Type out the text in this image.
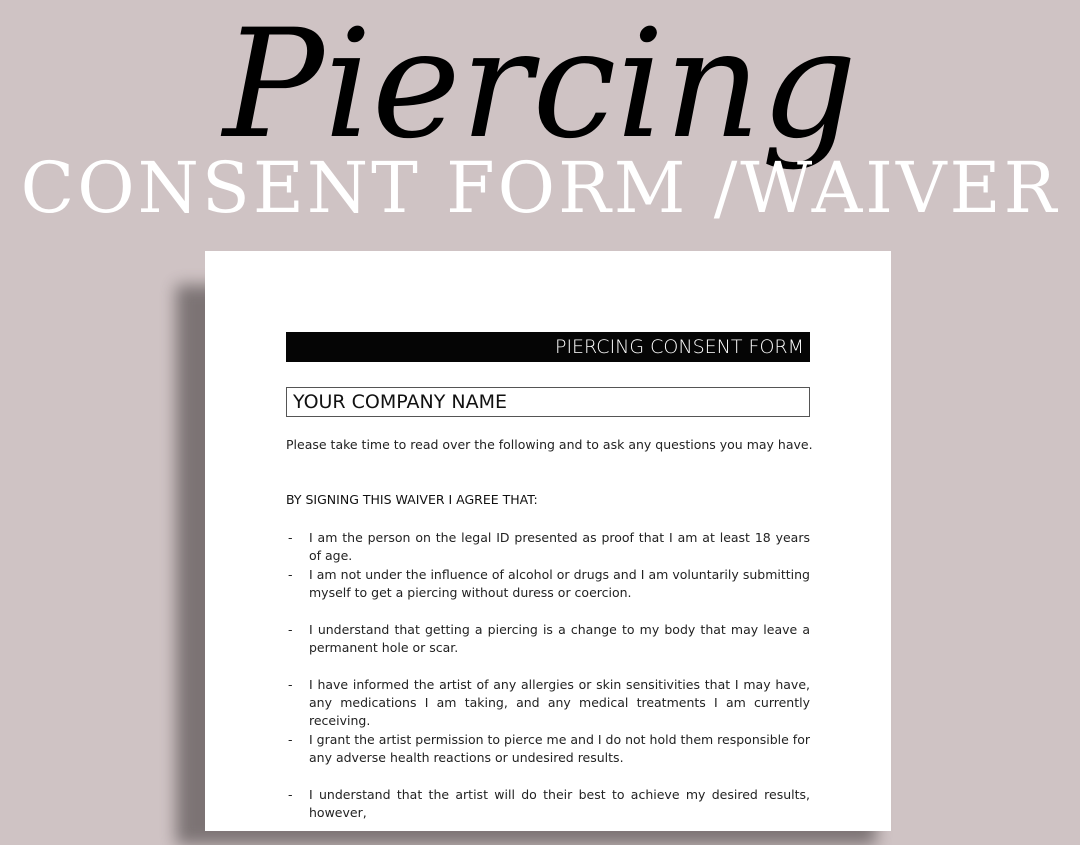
Piercing
CONSENT FORM /WAIVER
PIERCING CONSENT FORM
YOUR COMPANY NAME
Please take time to read over the following and to ask any questions you may have.
BY SIGNING THIS WAIVER I AGREE THAT:
- I am the person on the legal ID presented as proof that I am at least 18 years of age.
- I am not under the influence of alcohol or drugs and I am voluntarily submitting myself to get a piercing without duress or coercion.
- I understand that getting a piercing is a change to my body that may leave a permanent hole or scar.
- I have informed the artist of any allergies or skin sensitivities that I may have, any medications I am taking, and any medical treatments I am currently receiving.
- I grant the artist permission to pierce me and I do not hold them responsible for any adverse health reactions or undesired results.
- I understand that the artist will do their best to achieve my desired results, however,
